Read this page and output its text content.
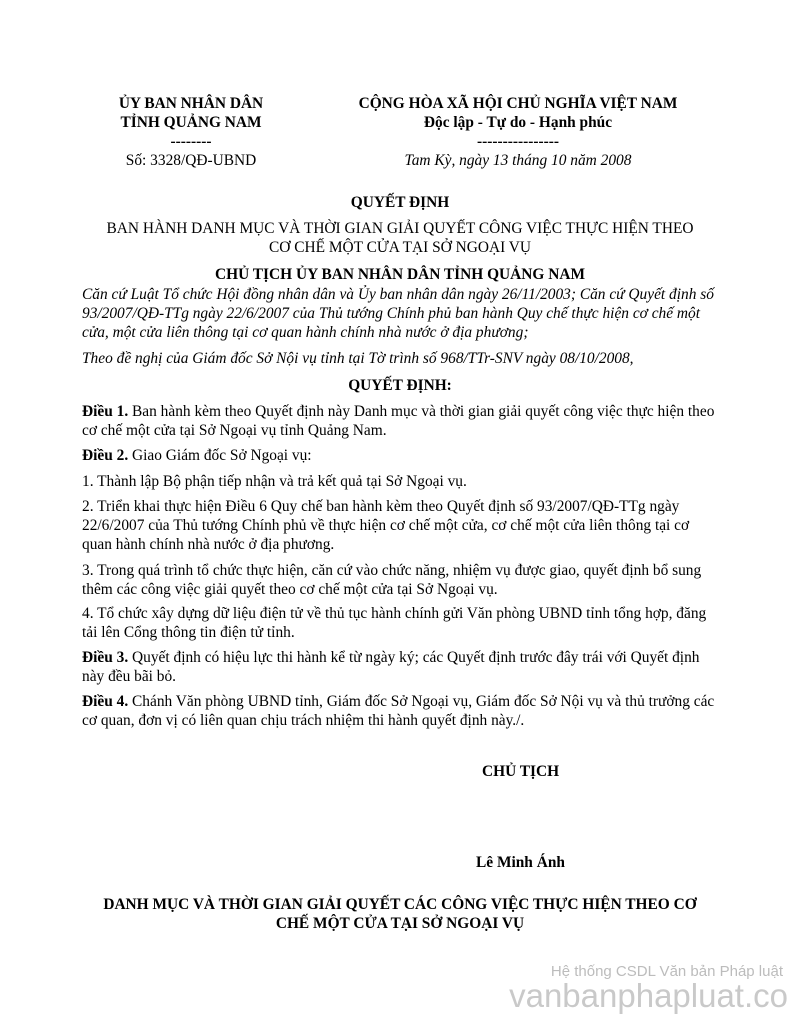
ỦY BAN NHÂN DÂN
TỈNH QUẢNG NAM
--------
Số: 3328/QĐ-UBND
CỘNG HÒA XÃ HỘI CHỦ NGHĨA VIỆT NAM
Độc lập - Tự do - Hạnh phúc
----------------
Tam Kỳ, ngày 13 tháng 10 năm 2008
QUYẾT ĐỊNH
BAN HÀNH DANH MỤC VÀ THỜI GIAN GIẢI QUYẾT CÔNG VIỆC THỰC HIỆN THEO
CƠ CHẾ MỘT CỬA TẠI SỞ NGOẠI VỤ
CHỦ TỊCH ỦY BAN NHÂN DÂN TỈNH QUẢNG NAM

Căn cứ Luật Tổ chức Hội đồng nhân dân và Ủy ban nhân dân ngày 26/11/2003; Căn cứ Quyết định số 93/2007/QĐ-TTg ngày 22/6/2007 của Thủ tướng Chính phủ ban hành Quy chế thực hiện cơ chế một cửa, một cửa liên thông tại cơ quan hành chính nhà nước ở địa phương;

Theo đề nghị của Giám đốc Sở Nội vụ tỉnh tại Tờ trình số 968/TTr-SNV ngày 08/10/2008,

QUYẾT ĐỊNH:

Điều 1. Ban hành kèm theo Quyết định này Danh mục và thời gian giải quyết công việc thực hiện theo cơ chế một cửa tại Sở Ngoại vụ tỉnh Quảng Nam.

Điều 2. Giao Giám đốc Sở Ngoại vụ:

1. Thành lập Bộ phận tiếp nhận và trả kết quả tại Sở Ngoại vụ.

2. Triển khai thực hiện Điều 6 Quy chế ban hành kèm theo Quyết định số 93/2007/QĐ-TTg ngày 22/6/2007 của Thủ tướng Chính phủ về thực hiện cơ chế một cửa, cơ chế một cửa liên thông tại cơ quan hành chính nhà nước ở địa phương.

3. Trong quá trình tổ chức thực hiện, căn cứ vào chức năng, nhiệm vụ được giao, quyết định bổ sung thêm các công việc giải quyết theo cơ chế một cửa tại Sở Ngoại vụ.

4. Tổ chức xây dựng dữ liệu điện tử về thủ tục hành chính gửi Văn phòng UBND tỉnh tổng hợp, đăng tải lên Cổng thông tin điện tử tỉnh.

Điều 3. Quyết định có hiệu lực thi hành kể từ ngày ký; các Quyết định trước đây trái với Quyết định này đều bãi bỏ.

Điều 4. Chánh Văn phòng UBND tỉnh, Giám đốc Sở Ngoại vụ, Giám đốc Sở Nội vụ và thủ trưởng các cơ quan, đơn vị có liên quan chịu trách nhiệm thi hành quyết định này./.

CHỦ TỊCH
Lê Minh Ánh
DANH MỤC VÀ THỜI GIAN GIẢI QUYẾT CÁC CÔNG VIỆC THỰC HIỆN THEO CƠ
CHẾ MỘT CỬA TẠI SỞ NGOẠI VỤ
Hệ thống CSDL Văn bản Pháp luật
vanbanphapluat.co
